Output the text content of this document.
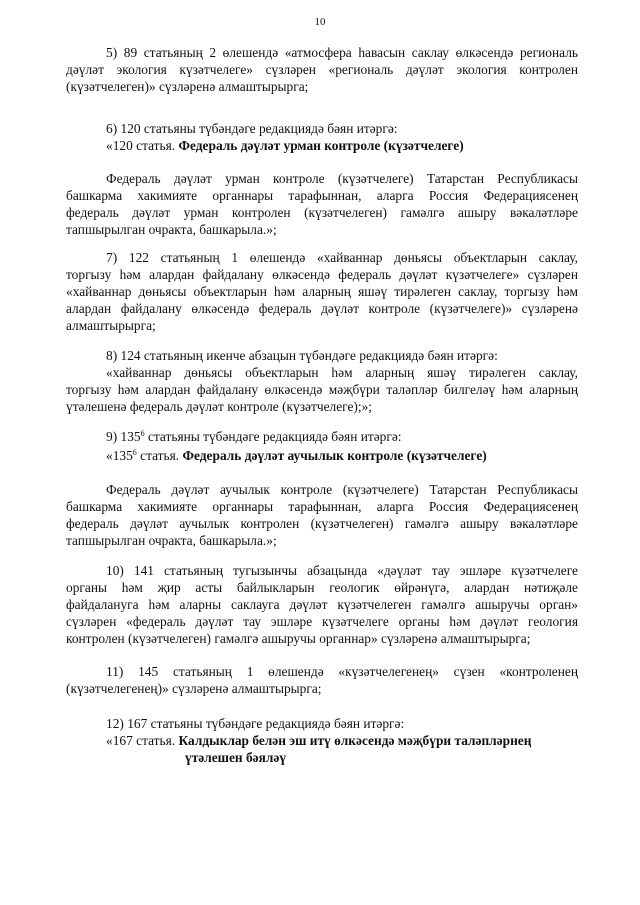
10
5) 89 статьяның 2 өлешендә «атмосфера һавасын саклау өлкәсендә региональ
дәүләт экология күзәтчелеге» сүзләрен «региональ дәүләт экология контролен
(күзәтчелеген)» сүзләренә алмаштырырга;
6) 120 статьяны түбәндәге редакциядә бәян итәргә:
«120 статья. Федераль дәүләт урман контроле (күзәтчелеге)
Федераль дәүләт урман контроле (күзәтчелеге) Татарстан Республикасы
башкарма хакимияте органнары тарафыннан, аларга Россия Федерациясенең
федераль дәүләт урман контролен (күзәтчелеген) гамәлгә ашыру вәкаләтләре
тапшырылган очракта, башкарыла.»;
7) 122 статьяның 1 өлешендә «хайваннар дөньясы объектларын саклау,
торгызу һәм алардан файдалану өлкәсендә федераль дәүләт күзәтчелеге» сүзләрен
«хайваннар дөньясы объектларын һәм аларның яшәү тирәлеген саклау, торгызу һәм
алардан файдалану өлкәсендә федераль дәүләт контроле (күзәтчелеге)» сүзләренә
алмаштырырга;
8) 124 статьяның икенче абзацын түбәндәге редакциядә бәян итәргә:
«хайваннар дөньясы объектларын һәм аларның яшәү тирәлеген саклау,
торгызу һәм алардан файдалану өлкәсендә мәҗбүри таләпләр билгеләү һәм аларның
үтәлешенә федераль дәүләт контроле (күзәтчелеге);»;
9) $135^6$ статьяны түбәндәге редакциядә бәян итәргә:
«$135^6$ статья. Федераль дәүләт аучылык контроле (күзәтчелеге)
Федераль дәүләт аучылык контроле (күзәтчелеге) Татарстан Республикасы
башкарма хакимияте органнары тарафыннан, аларга Россия Федерациясенең
федераль дәүләт аучылык контролен (күзәтчелеген) гамәлгә ашыру вәкаләтләре
тапшырылган очракта, башкарыла.»;
10) 141 статьяның тугызынчы абзацында «дәүләт тау эшләре күзәтчелеге
органы һәм җир асты байлыкларын геологик өйрәнүгә, алардан нәтиҗәле
файдалануга һәм аларны саклауга дәүләт күзәтчелеген гамәлгә ашыручы орган»
сүзләрен «федераль дәүләт тау эшләре күзәтчелеге органы һәм дәүләт геология
контролен (күзәтчелеген) гамәлгә ашыручы органнар» сүзләренә алмаштырырга;
11) 145 статьяның 1 өлешендә «күзәтчелегенең» сүзен «контроленең
(күзәтчелегенең)» сүзләренә алмаштырырга;
12) 167 статьяны түбәндәге редакциядә бәян итәргә:
«167 статья. Калдыклар белән эш итү өлкәсендә мәҗбүри таләпләрнең
үтәлешен бәяләү
